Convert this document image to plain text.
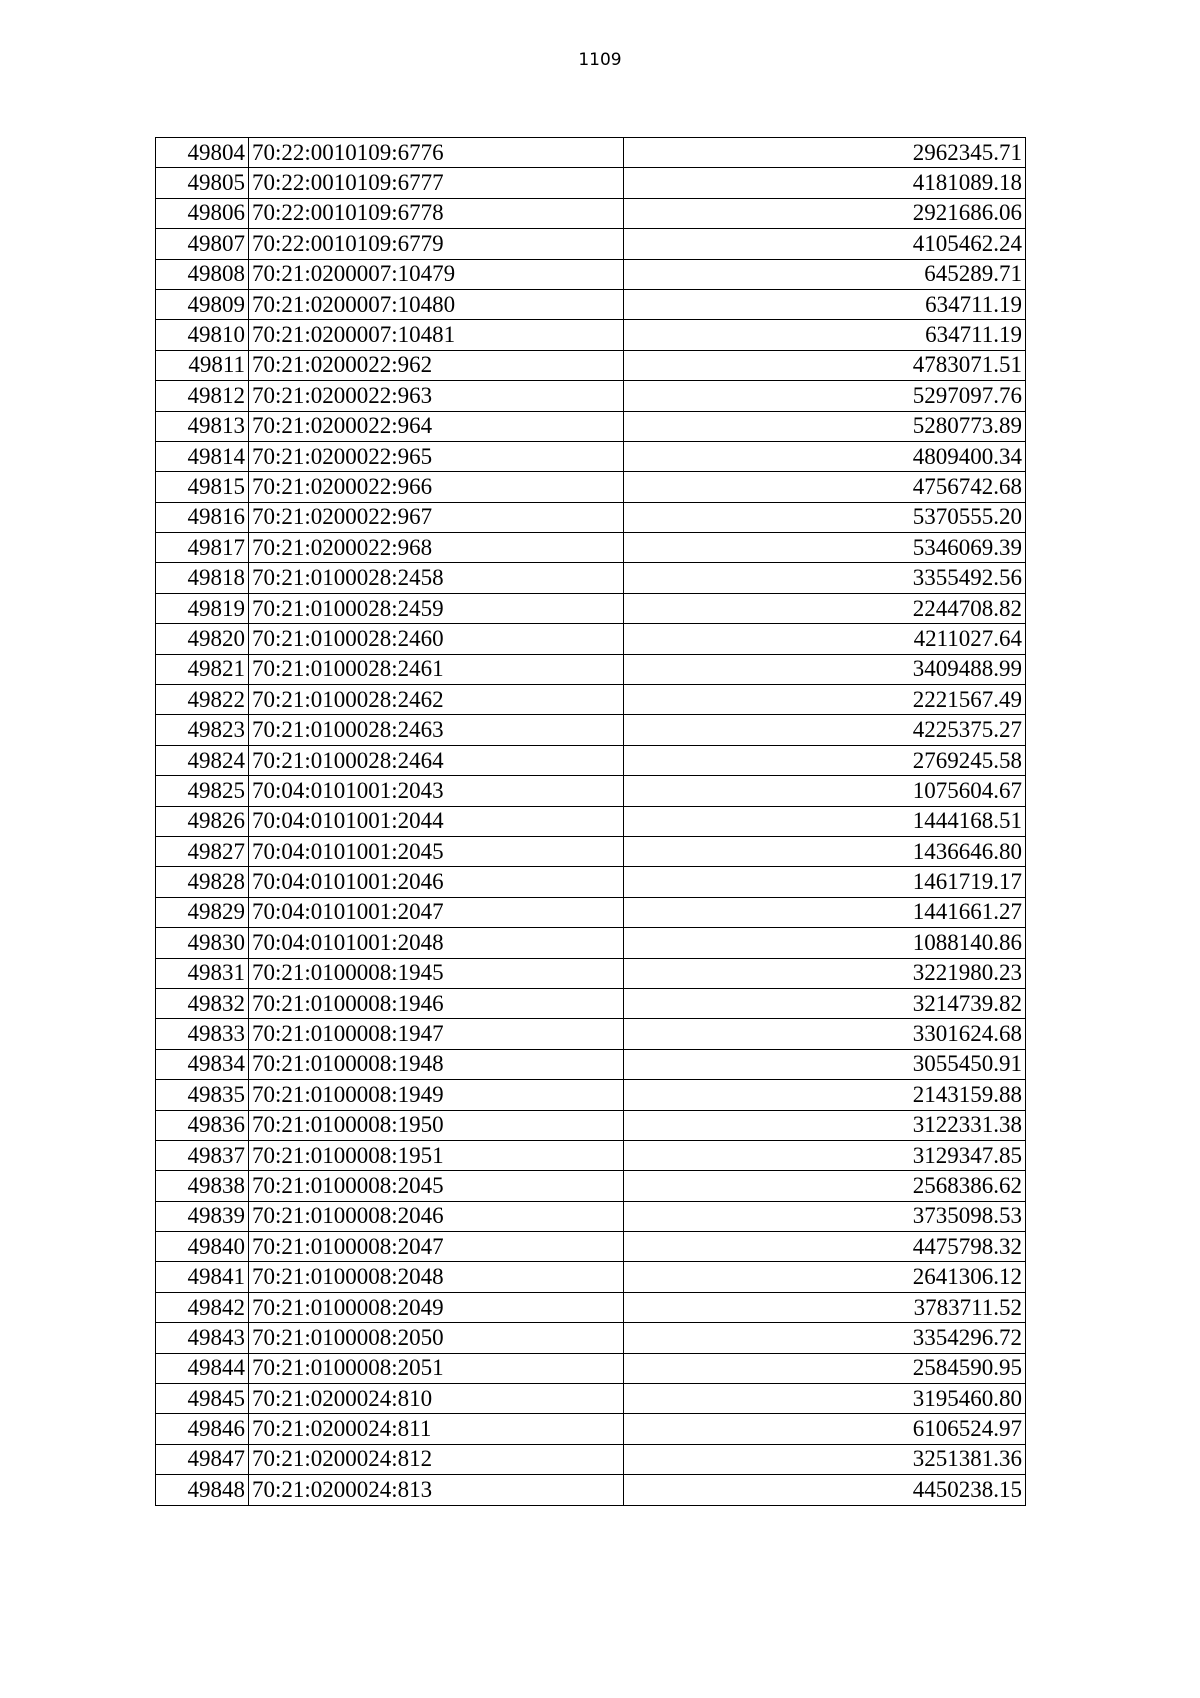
1109
49804	70:22:0010109:6776	2962345.71
49805	70:22:0010109:6777	4181089.18
49806	70:22:0010109:6778	2921686.06
49807	70:22:0010109:6779	4105462.24
49808	70:21:0200007:10479	645289.71
49809	70:21:0200007:10480	634711.19
49810	70:21:0200007:10481	634711.19
49811	70:21:0200022:962	4783071.51
49812	70:21:0200022:963	5297097.76
49813	70:21:0200022:964	5280773.89
49814	70:21:0200022:965	4809400.34
49815	70:21:0200022:966	4756742.68
49816	70:21:0200022:967	5370555.20
49817	70:21:0200022:968	5346069.39
49818	70:21:0100028:2458	3355492.56
49819	70:21:0100028:2459	2244708.82
49820	70:21:0100028:2460	4211027.64
49821	70:21:0100028:2461	3409488.99
49822	70:21:0100028:2462	2221567.49
49823	70:21:0100028:2463	4225375.27
49824	70:21:0100028:2464	2769245.58
49825	70:04:0101001:2043	1075604.67
49826	70:04:0101001:2044	1444168.51
49827	70:04:0101001:2045	1436646.80
49828	70:04:0101001:2046	1461719.17
49829	70:04:0101001:2047	1441661.27
49830	70:04:0101001:2048	1088140.86
49831	70:21:0100008:1945	3221980.23
49832	70:21:0100008:1946	3214739.82
49833	70:21:0100008:1947	3301624.68
49834	70:21:0100008:1948	3055450.91
49835	70:21:0100008:1949	2143159.88
49836	70:21:0100008:1950	3122331.38
49837	70:21:0100008:1951	3129347.85
49838	70:21:0100008:2045	2568386.62
49839	70:21:0100008:2046	3735098.53
49840	70:21:0100008:2047	4475798.32
49841	70:21:0100008:2048	2641306.12
49842	70:21:0100008:2049	3783711.52
49843	70:21:0100008:2050	3354296.72
49844	70:21:0100008:2051	2584590.95
49845	70:21:0200024:810	3195460.80
49846	70:21:0200024:811	6106524.97
49847	70:21:0200024:812	3251381.36
49848	70:21:0200024:813	4450238.15
